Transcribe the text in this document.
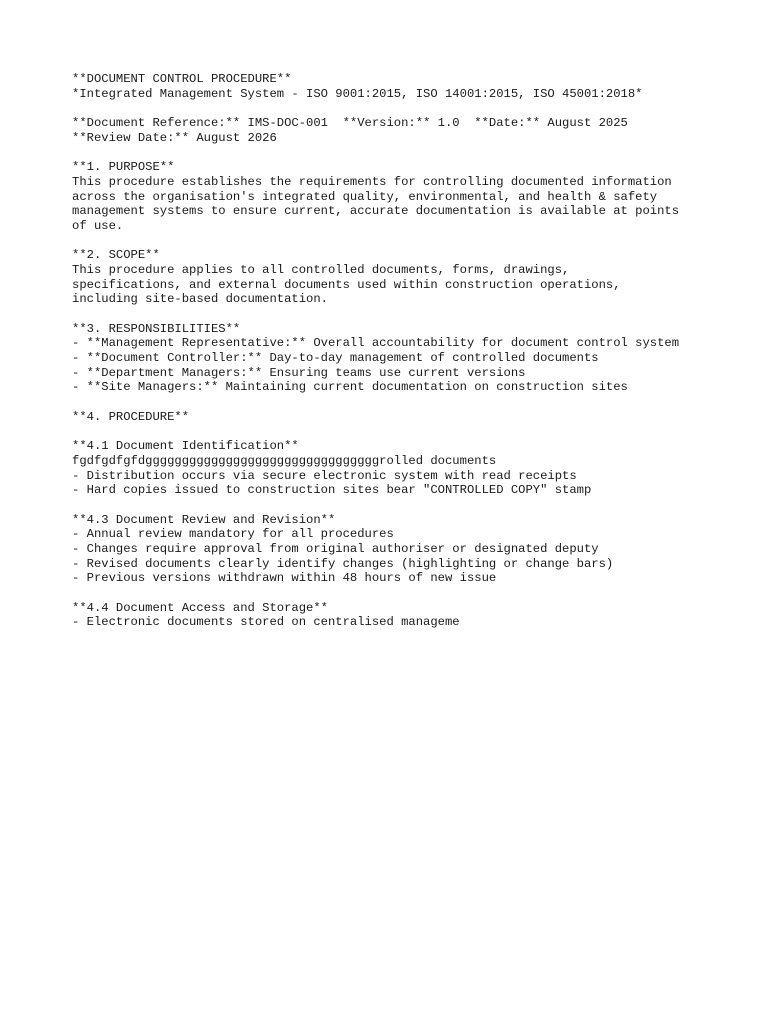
**DOCUMENT CONTROL PROCEDURE**
*Integrated Management System - ISO 9001:2015, ISO 14001:2015, ISO 45001:2018*
**Document Reference:** IMS-DOC-001  **Version:** 1.0  **Date:** August 2025
**Review Date:** August 2026
**1. PURPOSE**
This procedure establishes the requirements for controlling documented information
across the organisation's integrated quality, environmental, and health & safety
management systems to ensure current, accurate documentation is available at points
of use.
**2. SCOPE**
This procedure applies to all controlled documents, forms, drawings,
specifications, and external documents used within construction operations,
including site-based documentation.
**3. RESPONSIBILITIES**
- **Management Representative:** Overall accountability for document control system
- **Document Controller:** Day-to-day management of controlled documents
- **Department Managers:** Ensuring teams use current versions
- **Site Managers:** Maintaining current documentation on construction sites
**4. PROCEDURE**
**4.1 Document Identification**
fgdfgdfgfdggggggggggggggggggggggggggggggggrolled documents
- Distribution occurs via secure electronic system with read receipts
- Hard copies issued to construction sites bear "CONTROLLED COPY" stamp
**4.3 Document Review and Revision**
- Annual review mandatory for all procedures
- Changes require approval from original authoriser or designated deputy
- Revised documents clearly identify changes (highlighting or change bars)
- Previous versions withdrawn within 48 hours of new issue
**4.4 Document Access and Storage**
- Electronic documents stored on centralised manageme
